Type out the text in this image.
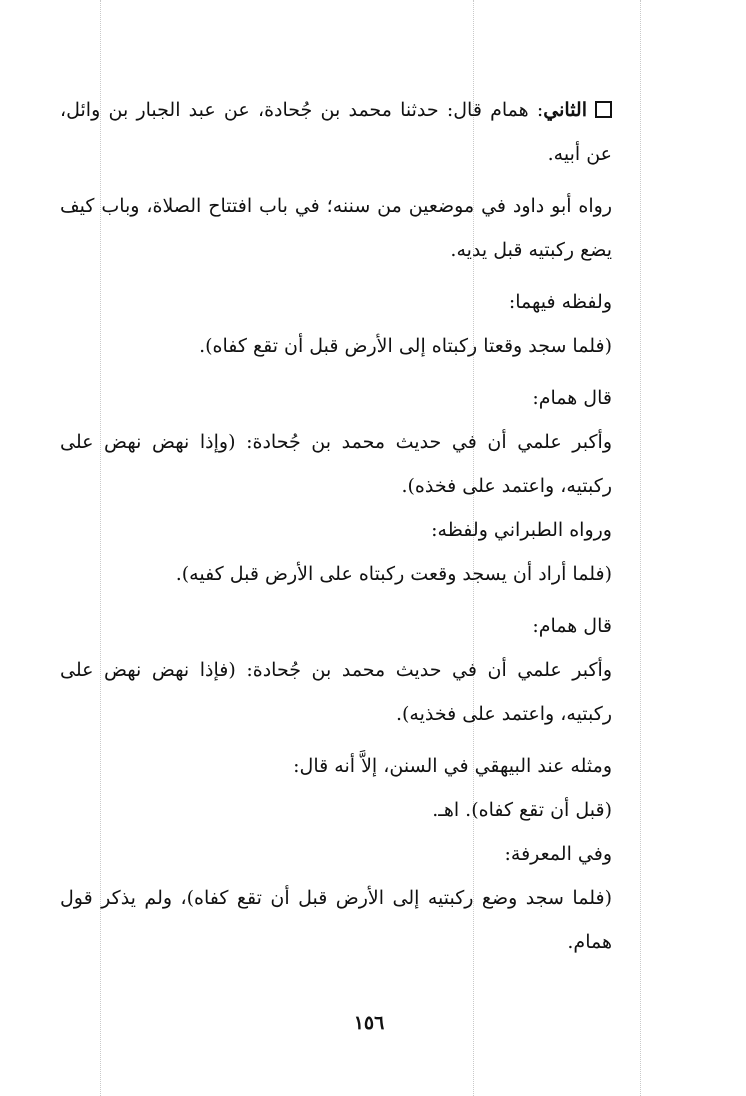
الثاني: همام قال: حدثنا محمد بن جُحادة، عن عبد الجبار بن وائل، عن أبيه.

رواه أبو داود في موضعين من سننه؛ في باب افتتاح الصلاة، وباب كيف يضع ركبتيه قبل يديه.

ولفظه فيهما:

(فلما سجد وقعتا ركبتاه إلى الأرض قبل أن تقع كفاه).

قال همام:

وأكبر علمي أن في حديث محمد بن جُحادة: (وإذا نهض نهض على ركبتيه، واعتمد على فخذه).

ورواه الطبراني ولفظه:

(فلما أراد أن يسجد وقعت ركبتاه على الأرض قبل كفيه).

قال همام:

وأكبر علمي أن في حديث محمد بن جُحادة: (فإذا نهض نهض على ركبتيه، واعتمد على فخذيه).

ومثله عند البيهقي في السنن، إلاَّ أنه قال:

(قبل أن تقع كفاه). اهـ.

وفي المعرفة:

(فلما سجد وضع ركبتيه إلى الأرض قبل أن تقع كفاه)، ولم يذكر قول همام.

١٥٦
